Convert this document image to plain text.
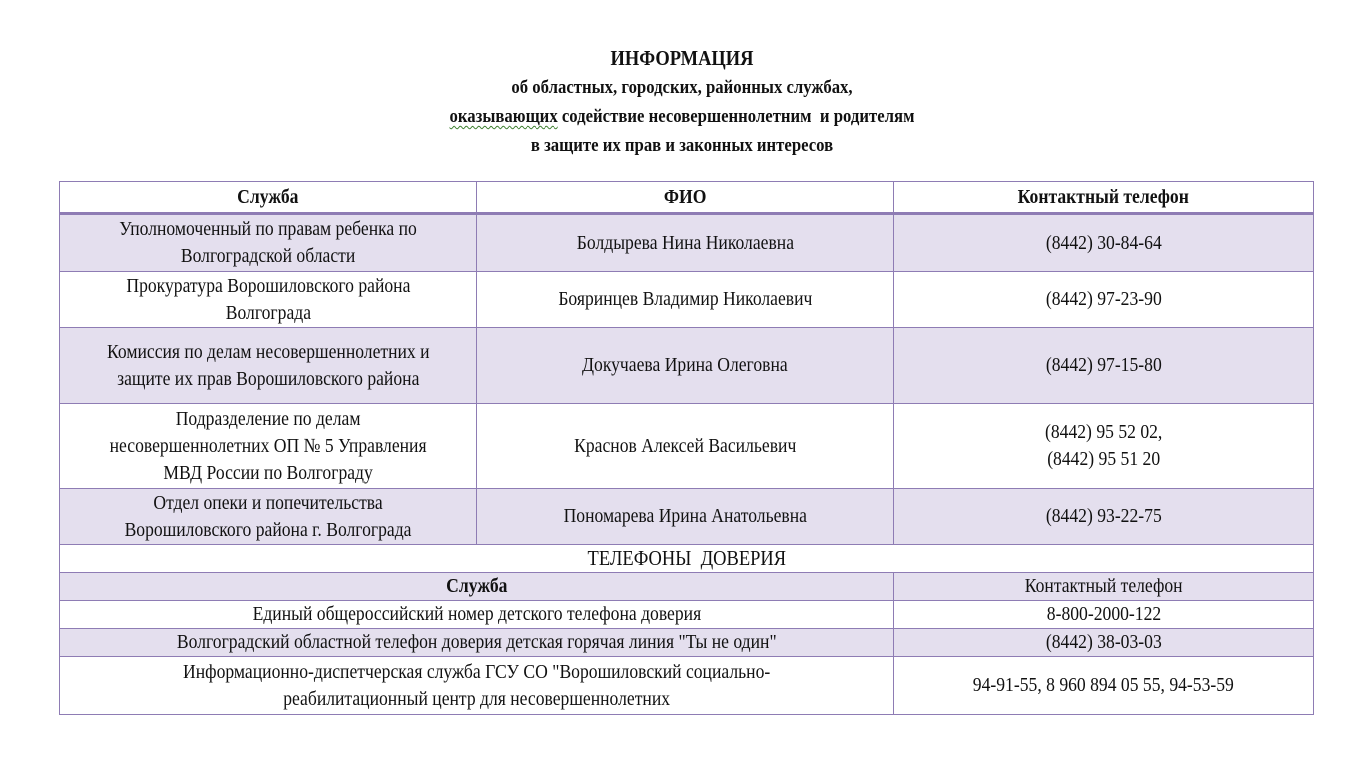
ИНФОРМАЦИЯ
об областных, городских, районных службах,
оказывающих содействие несовершеннолетним  и родителям
в защите их прав и законных интересов
Служба	ФИО	Контактный телефон
Уполномоченный по правам ребенка по
Волгоградской области	Болдырева Нина Николаевна	(8442) 30-84-64
Прокуратура Ворошиловского района
Волгограда	Бояринцев Владимир Николаевич	(8442) 97-23-90
Комиссия по делам несовершеннолетних и
защите их прав Ворошиловского района	Докучаева Ирина Олеговна	(8442) 97-15-80
Подразделение по делам
несовершеннолетних ОП № 5 Управления
МВД России по Волгограду	Краснов Алексей Васильевич	(8442) 95 52 02,
(8442) 95 51 20
Отдел опеки и попечительства
Ворошиловского района г. Волгограда	Пономарева Ирина Анатольевна	(8442) 93-22-75
ТЕЛЕФОНЫ  ДОВЕРИЯ		
Служба		Контактный телефон
Единый общероссийский номер детского телефона доверия		8-800-2000-122
Волгоградский областной телефон доверия детская горячая линия "Ты не один"		(8442) 38-03-03
Информационно-диспетчерская служба ГСУ СО "Ворошиловский социально-
реабилитационный центр для несовершеннолетних		94-91-55, 8 960 894 05 55, 94-53-59
